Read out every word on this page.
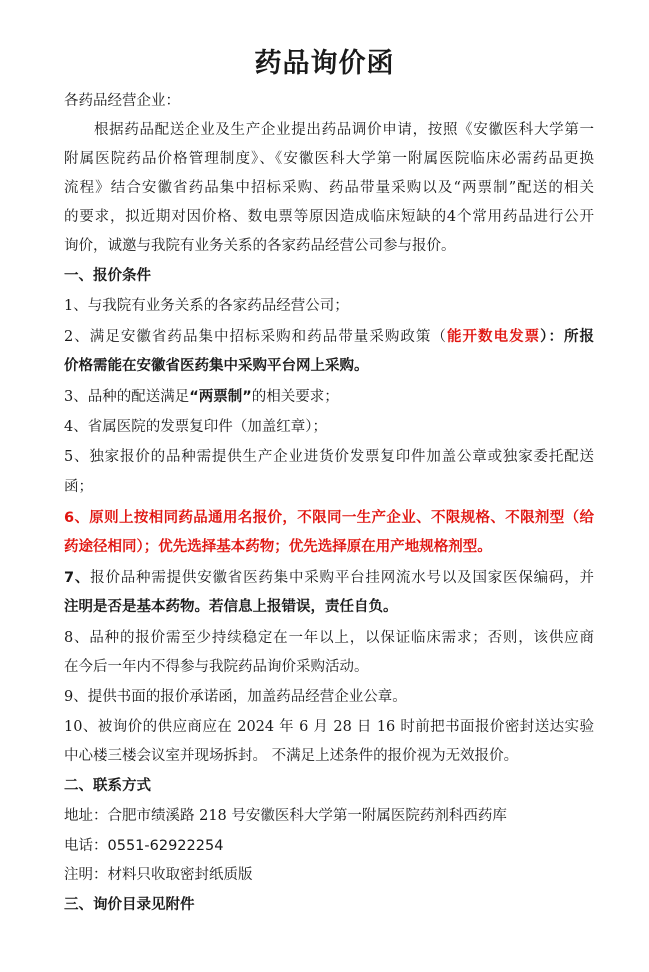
药品询价函
各药品经营企业：
根据药品配送企业及生产企业提出药品调价申请，按照《安徽医科大学第一
附属医院药品价格管理制度》、《安徽医科大学第一附属医院临床必需药品更换
流程》结合安徽省药品集中招标采购、药品带量采购以及“两票制”配送的相关
的要求，拟近期对因价格、数电票等原因造成临床短缺的4个常用药品进行公开
询价，诚邀与我院有业务关系的各家药品经营公司参与报价。
一、报价条件
1、与我院有业务关系的各家药品经营公司；
2、满足安徽省药品集中招标采购和药品带量采购政策（能开数电发票）：所报
价格需能在安徽省医药集中采购平台网上采购。
3、品种的配送满足“两票制”的相关要求；
4、省属医院的发票复印件（加盖红章）；
5、独家报价的品种需提供生产企业进货价发票复印件加盖公章或独家委托配送
函；
6、原则上按相同药品通用名报价，不限同一生产企业、不限规格、不限剂型（给
药途径相同）；优先选择基本药物；优先选择原在用产地规格剂型。
7、报价品种需提供安徽省医药集中采购平台挂网流水号以及国家医保编码，并
注明是否是基本药物。若信息上报错误，责任自负。
8、品种的报价需至少持续稳定在一年以上，以保证临床需求；否则，该供应商
在今后一年内不得参与我院药品询价采购活动。
9、提供书面的报价承诺函，加盖药品经营企业公章。
10、被询价的供应商应在 2024 年 6 月 28 日 16 时前把书面报价密封送达实验
中心楼三楼会议室并现场拆封。 不满足上述条件的报价视为无效报价。
二、联系方式
地址：合肥市绩溪路 218 号安徽医科大学第一附属医院药剂科西药库
电话：0551-62922254
注明：材料只收取密封纸质版
三、询价目录见附件
